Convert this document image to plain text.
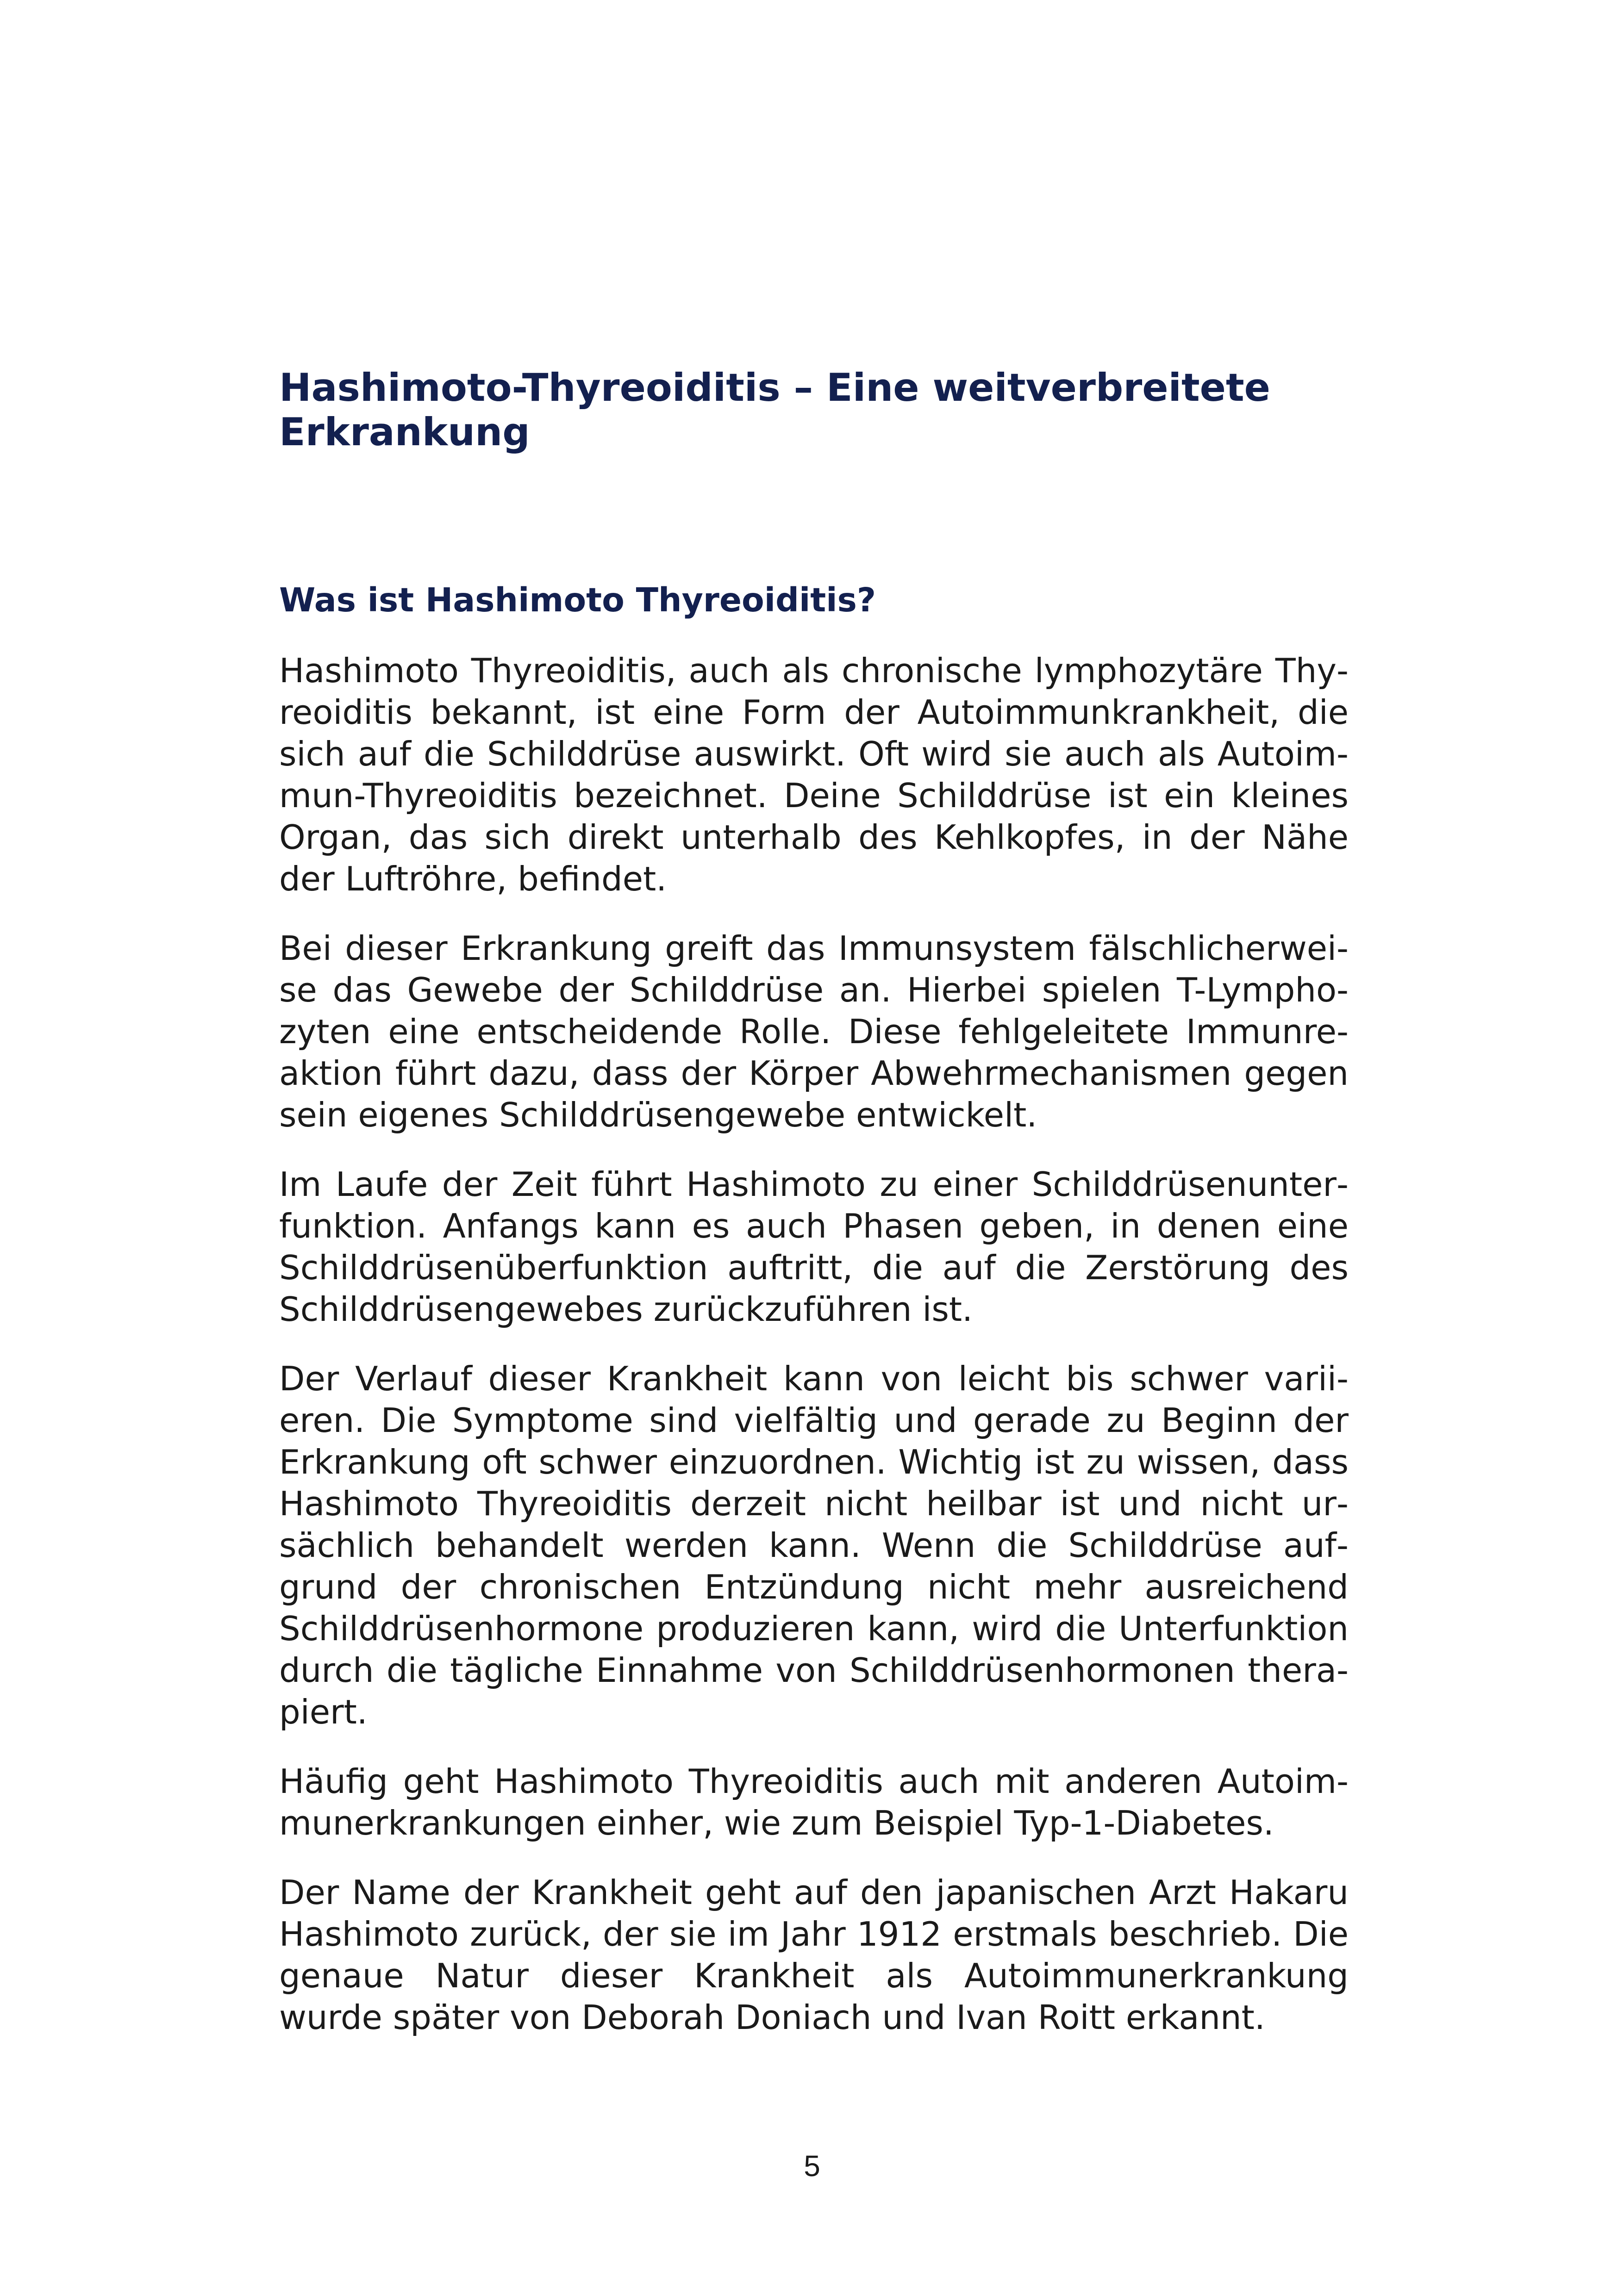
Hashimoto-Thyreoiditis – Eine weitverbreitete Erkrankung
Was ist Hashimoto Thyreoiditis?

Hashimoto Thyreoiditis, auch als chronische lymphozytäre Thyreoiditis bekannt, ist eine Form der Autoimmunkrankheit, die sich auf die Schilddrüse auswirkt. Oft wird sie auch als Autoimmun-Thyreoiditis bezeichnet. Deine Schilddrüse ist ein kleines Organ, das sich direkt unterhalb des Kehlkopfes, in der Nähe der Luftröhre, befindet.

Bei dieser Erkrankung greift das Immunsystem fälschlicherweise das Gewebe der Schilddrüse an. Hierbei spielen T-Lymphozyten eine entscheidende Rolle. Diese fehlgeleitete Immunreaktion führt dazu, dass der Körper Abwehrmechanismen gegen sein eigenes Schilddrüsengewebe entwickelt.

Im Laufe der Zeit führt Hashimoto zu einer Schilddrüsenunterfunktion. Anfangs kann es auch Phasen geben, in denen eine Schilddrüsenüberfunktion auftritt, die auf die Zerstörung des Schilddrüsengewebes zurückzuführen ist.

Der Verlauf dieser Krankheit kann von leicht bis schwer variieren. Die Symptome sind vielfältig und gerade zu Beginn der Erkrankung oft schwer einzuordnen. Wichtig ist zu wissen, dass Hashimoto Thyreoiditis derzeit nicht heilbar ist und nicht ursächlich behandelt werden kann. Wenn die Schilddrüse aufgrund der chronischen Entzündung nicht mehr ausreichend Schilddrüsenhormone produzieren kann, wird die Unterfunktion durch die tägliche Einnahme von Schilddrüsenhormonen therapiert.

Häufig geht Hashimoto Thyreoiditis auch mit anderen Autoimmunerkrankungen einher, wie zum Beispiel Typ-1-Diabetes.

Der Name der Krankheit geht auf den japanischen Arzt Hakaru Hashimoto zurück, der sie im Jahr 1912 erstmals beschrieb. Die genaue Natur dieser Krankheit als Autoimmunerkrankung wurde später von Deborah Doniach und Ivan Roitt erkannt.

5
